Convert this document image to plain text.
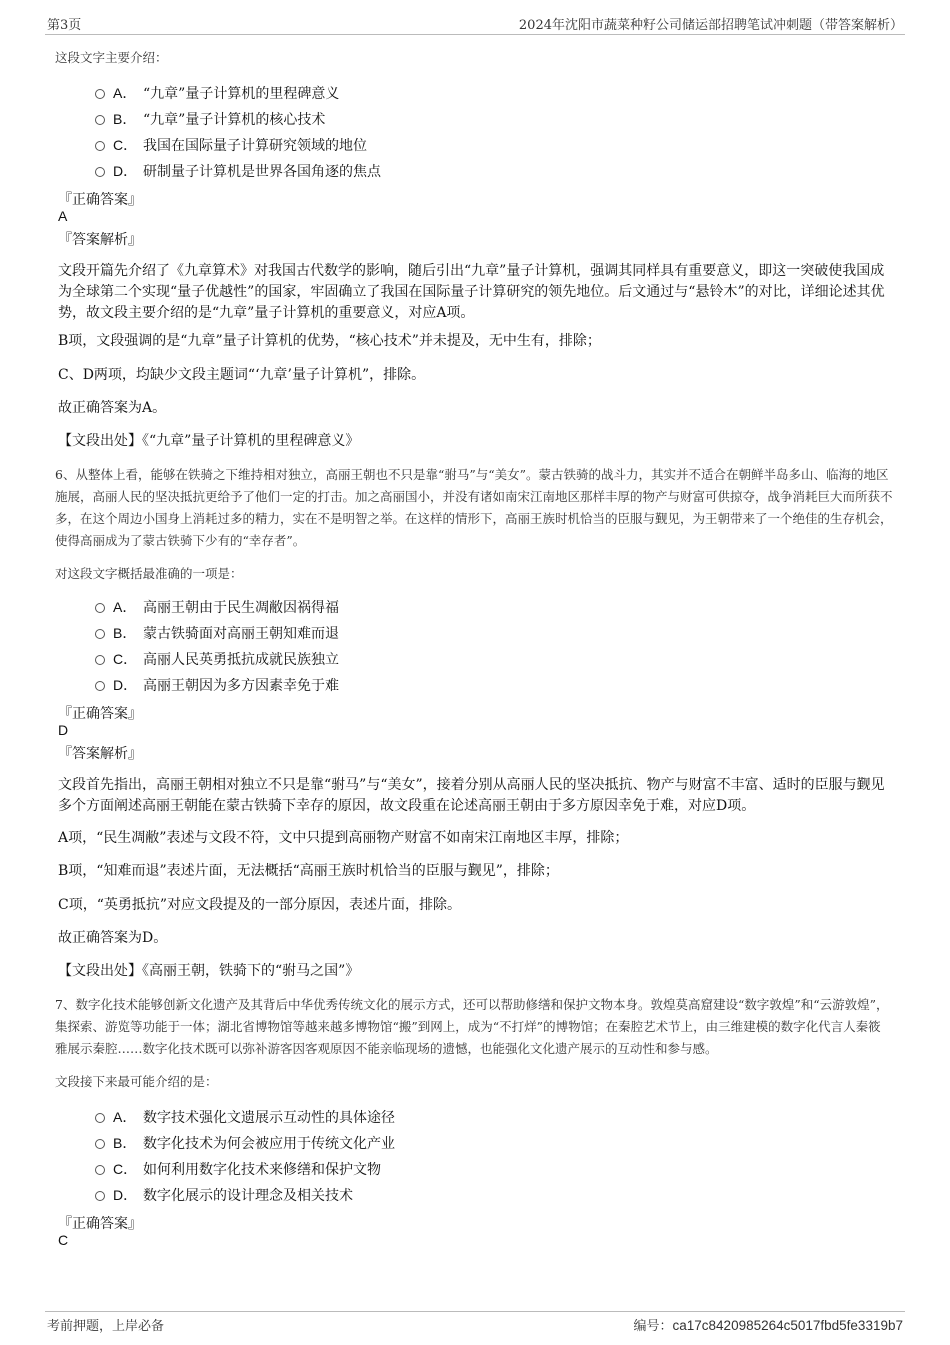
第3页	2024年沈阳市蔬菜种籽公司储运部招聘笔试冲刺题（带答案解析）
这段文字主要介绍：
A． “九章”量子计算机的里程碑意义
B． “九章”量子计算机的核心技术
C． 我国在国际量子计算研究领域的地位
D． 研制量子计算机是世界各国角逐的焦点
『正确答案』
A
『答案解析』
文段开篇先介绍了《九章算术》对我国古代数学的影响，随后引出“九章”量子计算机，强调其同样具有重要意义，即这一突破使我国成为全球第二个实现“量子优越性”的国家，牢固确立了我国在国际量子计算研究的领先地位。后文通过与“悬铃木”的对比，详细论述其优势，故文段主要介绍的是“九章”量子计算机的重要意义，对应A项。
B项，文段强调的是“九章”量子计算机的优势，“核心技术”并未提及，无中生有，排除；
C、D两项，均缺少文段主题词“‘九章’量子计算机”，排除。
故正确答案为A。
【文段出处】《“九章”量子计算机的里程碑意义》
6、从整体上看，能够在铁骑之下维持相对独立，高丽王朝也不只是靠“驸马”与“美女”。蒙古铁骑的战斗力，其实并不适合在朝鲜半岛多山、临海的地区施展，高丽人民的坚决抵抗更给予了他们一定的打击。加之高丽国小，并没有诸如南宋江南地区那样丰厚的物产与财富可供掠夺，战争消耗巨大而所获不多，在这个周边小国身上消耗过多的精力，实在不是明智之举。在这样的情形下，高丽王族时机恰当的臣服与觐见，为王朝带来了一个绝佳的生存机会，使得高丽成为了蒙古铁骑下少有的“幸存者”。
对这段文字概括最准确的一项是：
A． 高丽王朝由于民生凋敝因祸得福
B． 蒙古铁骑面对高丽王朝知难而退
C． 高丽人民英勇抵抗成就民族独立
D． 高丽王朝因为多方因素幸免于难
『正确答案』
D
『答案解析』
文段首先指出，高丽王朝相对独立不只是靠“驸马”与“美女”，接着分别从高丽人民的坚决抵抗、物产与财富不丰富、适时的臣服与觐见多个方面阐述高丽王朝能在蒙古铁骑下幸存的原因，故文段重在论述高丽王朝由于多方原因幸免于难，对应D项。
A项，“民生凋敝”表述与文段不符，文中只提到高丽物产财富不如南宋江南地区丰厚，排除；
B项，“知难而退”表述片面，无法概括“高丽王族时机恰当的臣服与觐见”，排除；
C项，“英勇抵抗”对应文段提及的一部分原因，表述片面，排除。
故正确答案为D。
【文段出处】《高丽王朝，铁骑下的“驸马之国”》
7、数字化技术能够创新文化遗产及其背后中华优秀传统文化的展示方式，还可以帮助修缮和保护文物本身。敦煌莫高窟建设“数字敦煌”和“云游敦煌”，集探索、游览等功能于一体；湖北省博物馆等越来越多博物馆“搬”到网上，成为“不打烊”的博物馆；在秦腔艺术节上，由三维建模的数字化代言人秦筱雅展示秦腔……数字化技术既可以弥补游客因客观原因不能亲临现场的遗憾，也能强化文化遗产展示的互动性和参与感。
文段接下来最可能介绍的是：
A． 数字技术强化文遗展示互动性的具体途径
B． 数字化技术为何会被应用于传统文化产业
C． 如何利用数字化技术来修缮和保护文物
D． 数字化展示的设计理念及相关技术
『正确答案』
C
考前押题，上岸必备	编号：ca17c8420985264c5017fbd5fe3319b7
